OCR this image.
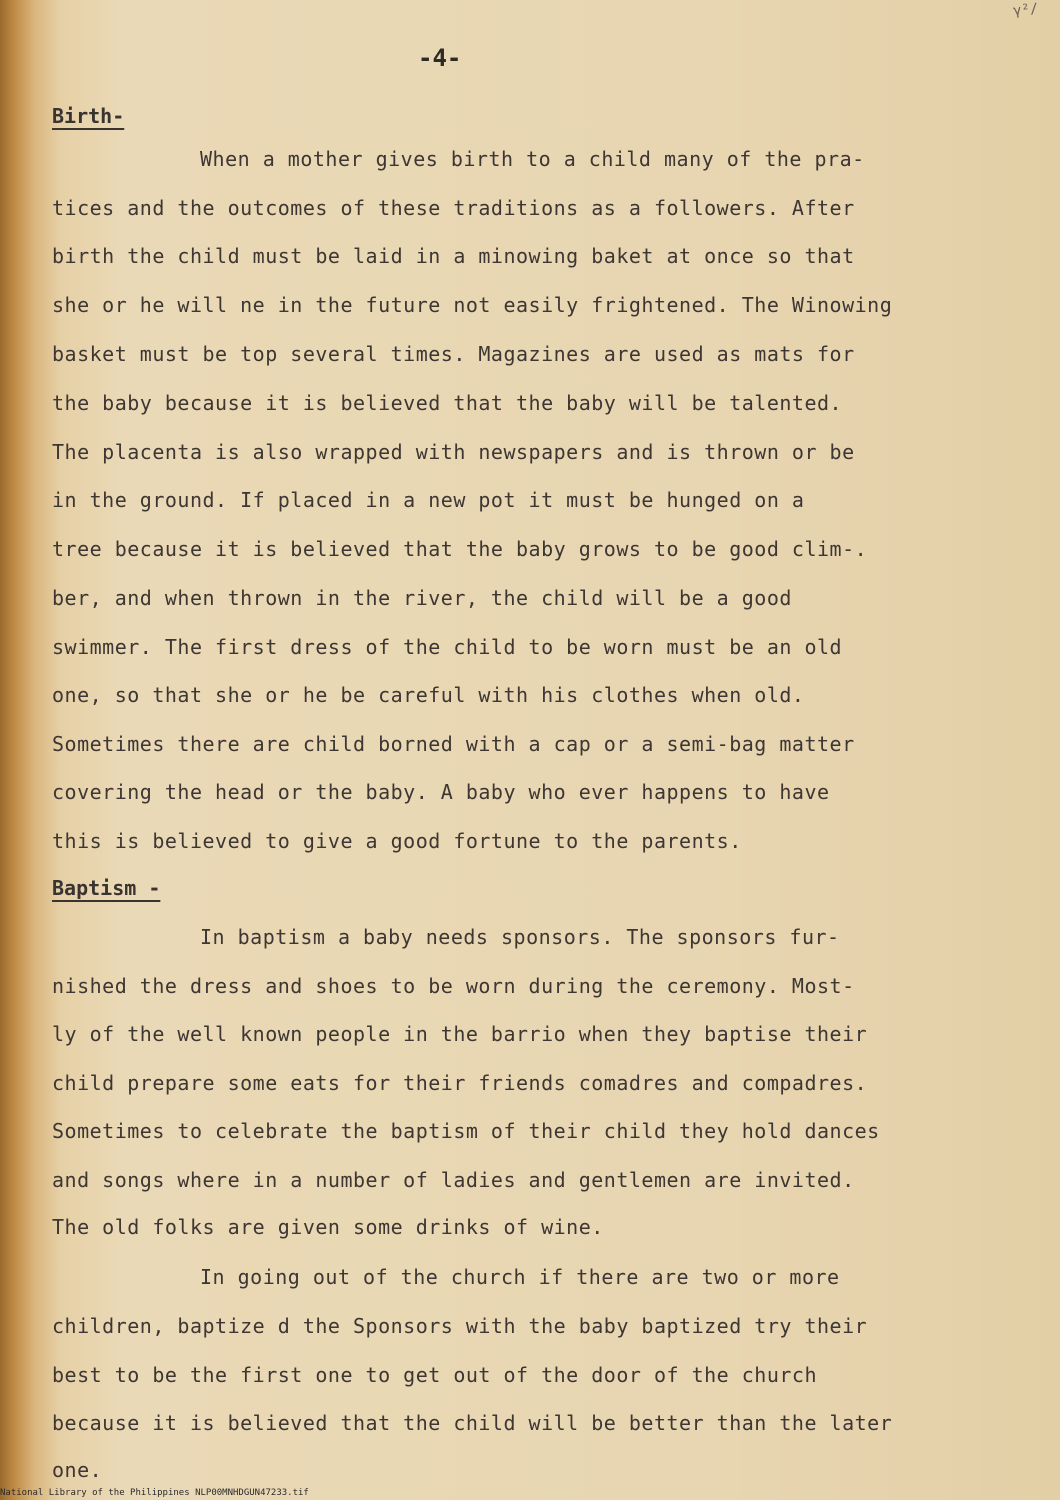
γ²/
-4-
Birth-
When a mother gives birth to a child many of the pra-
tices and the outcomes of these traditions as a followers. After
birth the child must be laid in a minowing baket at once so that
she or he will ne in the future not easily frightened. The Winowing
basket must be top several times. Magazines are used as mats for
the baby because it is believed that the baby will be talented.
The placenta is also wrapped with newspapers and is thrown or be
in the ground. If placed in a new pot it must be hunged on a
tree because it is believed that the baby grows to be good clim-.
ber, and when thrown in the river, the child will be a good
swimmer. The first dress of the child to be worn must be an old
one, so that she or he be careful with his clothes when old.
Sometimes there are child borned with a cap or a semi-bag matter
covering the head or the baby. A baby who ever happens to have
this is believed to give a good fortune to the parents.
Baptism -
In baptism a baby needs sponsors. The sponsors fur-
nished the dress and shoes to be worn during the ceremony. Most-
ly of the well known people in the barrio when they baptise their
child prepare some eats for their friends comadres and compadres.
Sometimes to celebrate the baptism of their child they hold dances
and songs where in a number of ladies and gentlemen are invited.
The old folks are given some drinks of wine.
In going out of the church if there are two or more
children, baptize d the Sponsors with the baby baptized try their
best to be the first one to get out of the door of the church
because it is believed that the child will be better than the later
one.
National Library of the Philippines NLP00MNHDGUN47233.tif
